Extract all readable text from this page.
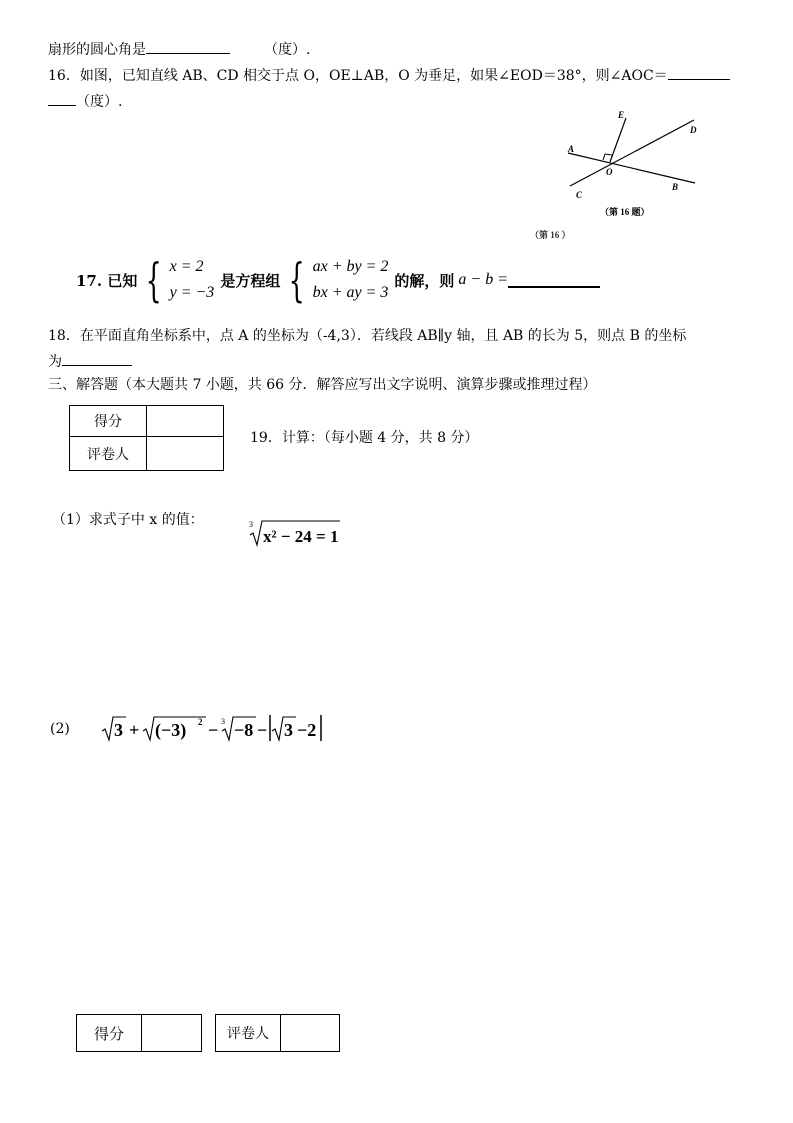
扇形的圆心角是	（度）.
16．如图，已知直线 AB、CD 相交于点 O，OE⊥AB，O 为垂足，如果∠EOD＝38°，则∠AOC＝
（度）.
A
B
C
D
E
O
（第 16 题）
（第 16 ）
17. 已知 { x = 2
y = −3
是方程组 { ax + by = 2
bx + ay = 3
的解，则 a − b =
18．在平面直角坐标系中，点 A 的坐标为（-4,3）．若线段 AB∥y 轴，且 AB 的长为 5，则点 B 的坐标
为
三、解答题（本大题共 7 小题，共 66 分．解答应写出文字说明、演算步骤或推理过程）
得分	
评卷人	
19．计算：（每小题 4 分，共 8 分）
（1）求式子中 x 的值：	3
x² − 24 = 1
(2) 3 + (−3) 2 − 3 −8 − 3 −2
得分	评卷人
